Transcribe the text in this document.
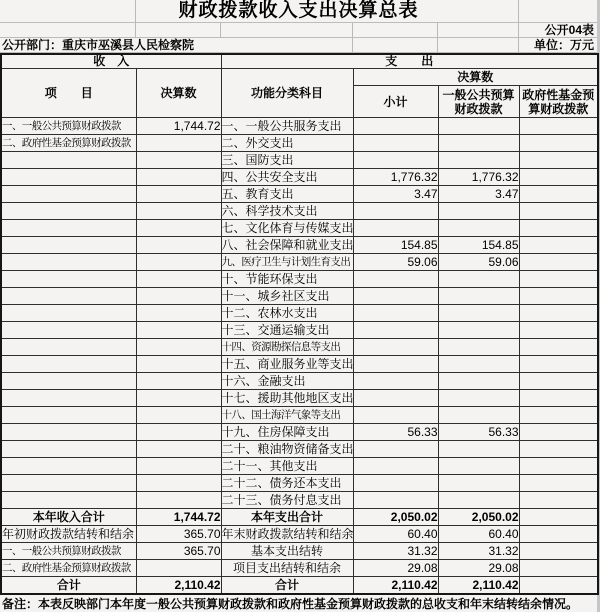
财政拨款收入支出决算总表
公开04表
公开部门：重庆市巫溪县人民检察院	单位：万元
收　入		支　　出			
项　　目	决算数	功能分类科目	决算数		
			小计	一般公共预算财政拨款	政府性基金预算财政拨款
一、一般公共预算财政拨款	1,744.72	一、一般公共服务支出			
二、政府性基金预算财政拨款		二、外交支出			
		三、国防支出			
		四、公共安全支出	1,776.32	1,776.32	
		五、教育支出	3.47	3.47	
		六、科学技术支出			
		七、文化体育与传媒支出			
		八、社会保障和就业支出	154.85	154.85	
		九、医疗卫生与计划生育支出	59.06	59.06	
		十、节能环保支出			
		十一、城乡社区支出			
		十二、农林水支出			
		十三、交通运输支出			
		十四、资源勘探信息等支出			
		十五、商业服务业等支出			
		十六、金融支出			
		十七、援助其他地区支出			
		十八、国土海洋气象等支出			
		十九、住房保障支出	56.33	56.33	
		二十、粮油物资储备支出			
		二十一、其他支出			
		二十二、债务还本支出			
		二十三、债务付息支出			
本年收入合计	1,744.72	本年支出合计	2,050.02	2,050.02	
年初财政拨款结转和结余	365.70	年末财政拨款结转和结余	60.40	60.40	
一、一般公共预算财政拨款	365.70	基本支出结转	31.32	31.32	
二、政府性基金预算财政拨款		项目支出结转和结余	29.08	29.08	
合计	2,110.42	合计	2,110.42	2,110.42	
备注：本表反映部门本年度一般公共预算财政拨款和政府性基金预算财政拨款的总收支和年末结转结余情况。
